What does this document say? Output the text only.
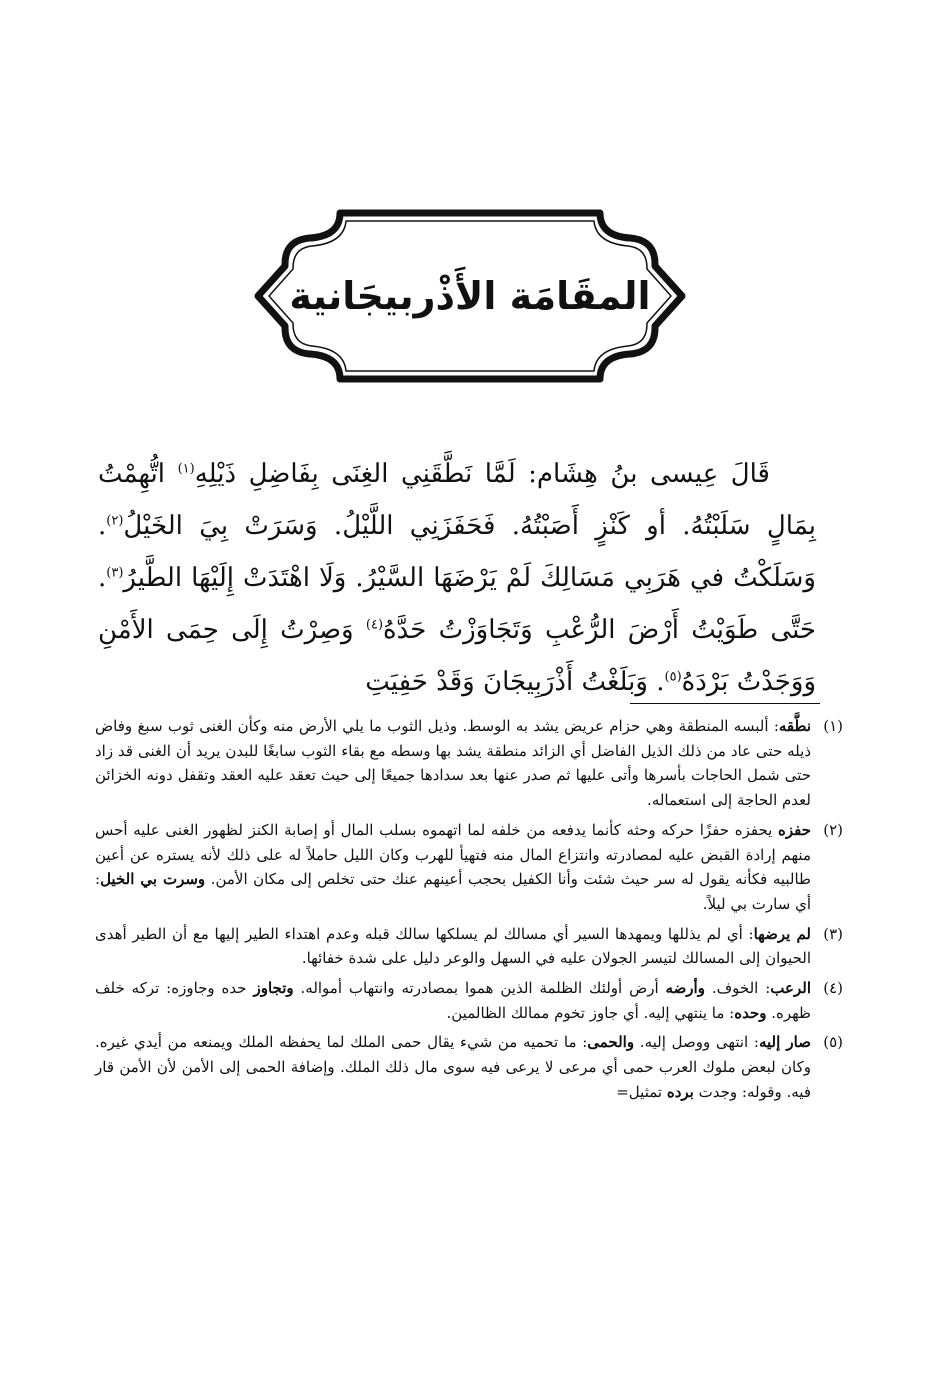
المقَامَة الأَذْربيجَانية

قَالَ عِيسى بنُ هِشَام: لَمَّا نَطَّقَنِي الغِنَى بِفَاضِلِ ذَيْلِهِ$^{(١)}$ اتُّهِمْتُ بِمَالٍ سَلَبْتُهُ. أو كَنْزٍ أَصَبْتُهُ. فَحَفَزَنِي اللَّيْلُ. وَسَرَتْ بِيَ الخَيْلُ$^{(٢)}$. وَسَلَكْتُ في هَرَبِي مَسَالِكَ لَمْ يَرْضَهَا السَّيْرُ. وَلَا اهْتَدَتْ إِلَيْهَا الطَّيرُ$^{(٣)}$. حَتَّى طَوَيْتُ أَرْضَ الرُّعْبِ وَتَجَاوَزْتُ حَدَّهُ$^{(٤)}$ وَصِرْتُ إِلَى حِمَى الأَمْنِ وَوَجَدْتُ بَرْدَهُ$^{(٥)}$. وَبَلَغْتُ أَذْرَبِيجَانَ وَقَدْ حَفِيَتِ

(١)
نطَّقه: ألبسه المنطقة وهي حزام عريض يشد به الوسط. وذيل الثوب ما يلي الأرض منه وكأن الغنى ثوب سبغ وفاض ذيله حتى عاد من ذلك الذيل الفاضل أي الزائد منطقة يشد بها وسطه مع بقاء الثوب سابغًا للبدن يريد أن الغنى قد زاد حتى شمل الحاجات بأسرها وأتى عليها ثم صدر عنها بعد سدادها جميعًا إلى حيث تعقد عليه العقد وتقفل دونه الخزائن لعدم الحاجة إلى استعماله.
(٢)
حفزه يحفزه حفزًا حركه وحثه كأنما يدفعه من خلفه لما اتهموه بسلب المال أو إصابة الكنز لظهور الغنى عليه أحس منهم إرادة القبض عليه لمصادرته وانتزاع المال منه فتهيأ للهرب وكان الليل حاملاً له على ذلك لأنه يستره عن أعين طالبيه فكأنه يقول له سر حيث شئت وأنا الكفيل بحجب أعينهم عنك حتى تخلص إلى مكان الأمن. وسرت بي الخيل: أي سارت بي ليلاً.
(٣)
لم يرضها: أي لم يذللها ويمهدها السير أي مسالك لم يسلكها سالك قبله وعدم اهتداء الطير إليها مع أن الطير أهدى الحيوان إلى المسالك لتيسر الجولان عليه في السهل والوعر دليل على شدة خفائها.
(٤)
الرعب: الخوف. وأرضه أرض أولئك الظلمة الذين هموا بمصادرته وانتهاب أمواله. وتجاوز حده وجاوزه: تركه خلف ظهره. وحده: ما ينتهي إليه. أي جاوز تخوم ممالك الظالمين.
(٥)
صار إليه: انتهى ووصل إليه. والحمى: ما تحميه من شيء يقال حمى الملك لما يحفظه الملك ويمنعه من أيدي غيره. وكان لبعض ملوك العرب حمى أي مرعى لا يرعى فيه سوى مال ذلك الملك. وإضافة الحمى إلى الأمن لأن الأمن قار فيه. وقوله: وجدت برده تمثيل=
